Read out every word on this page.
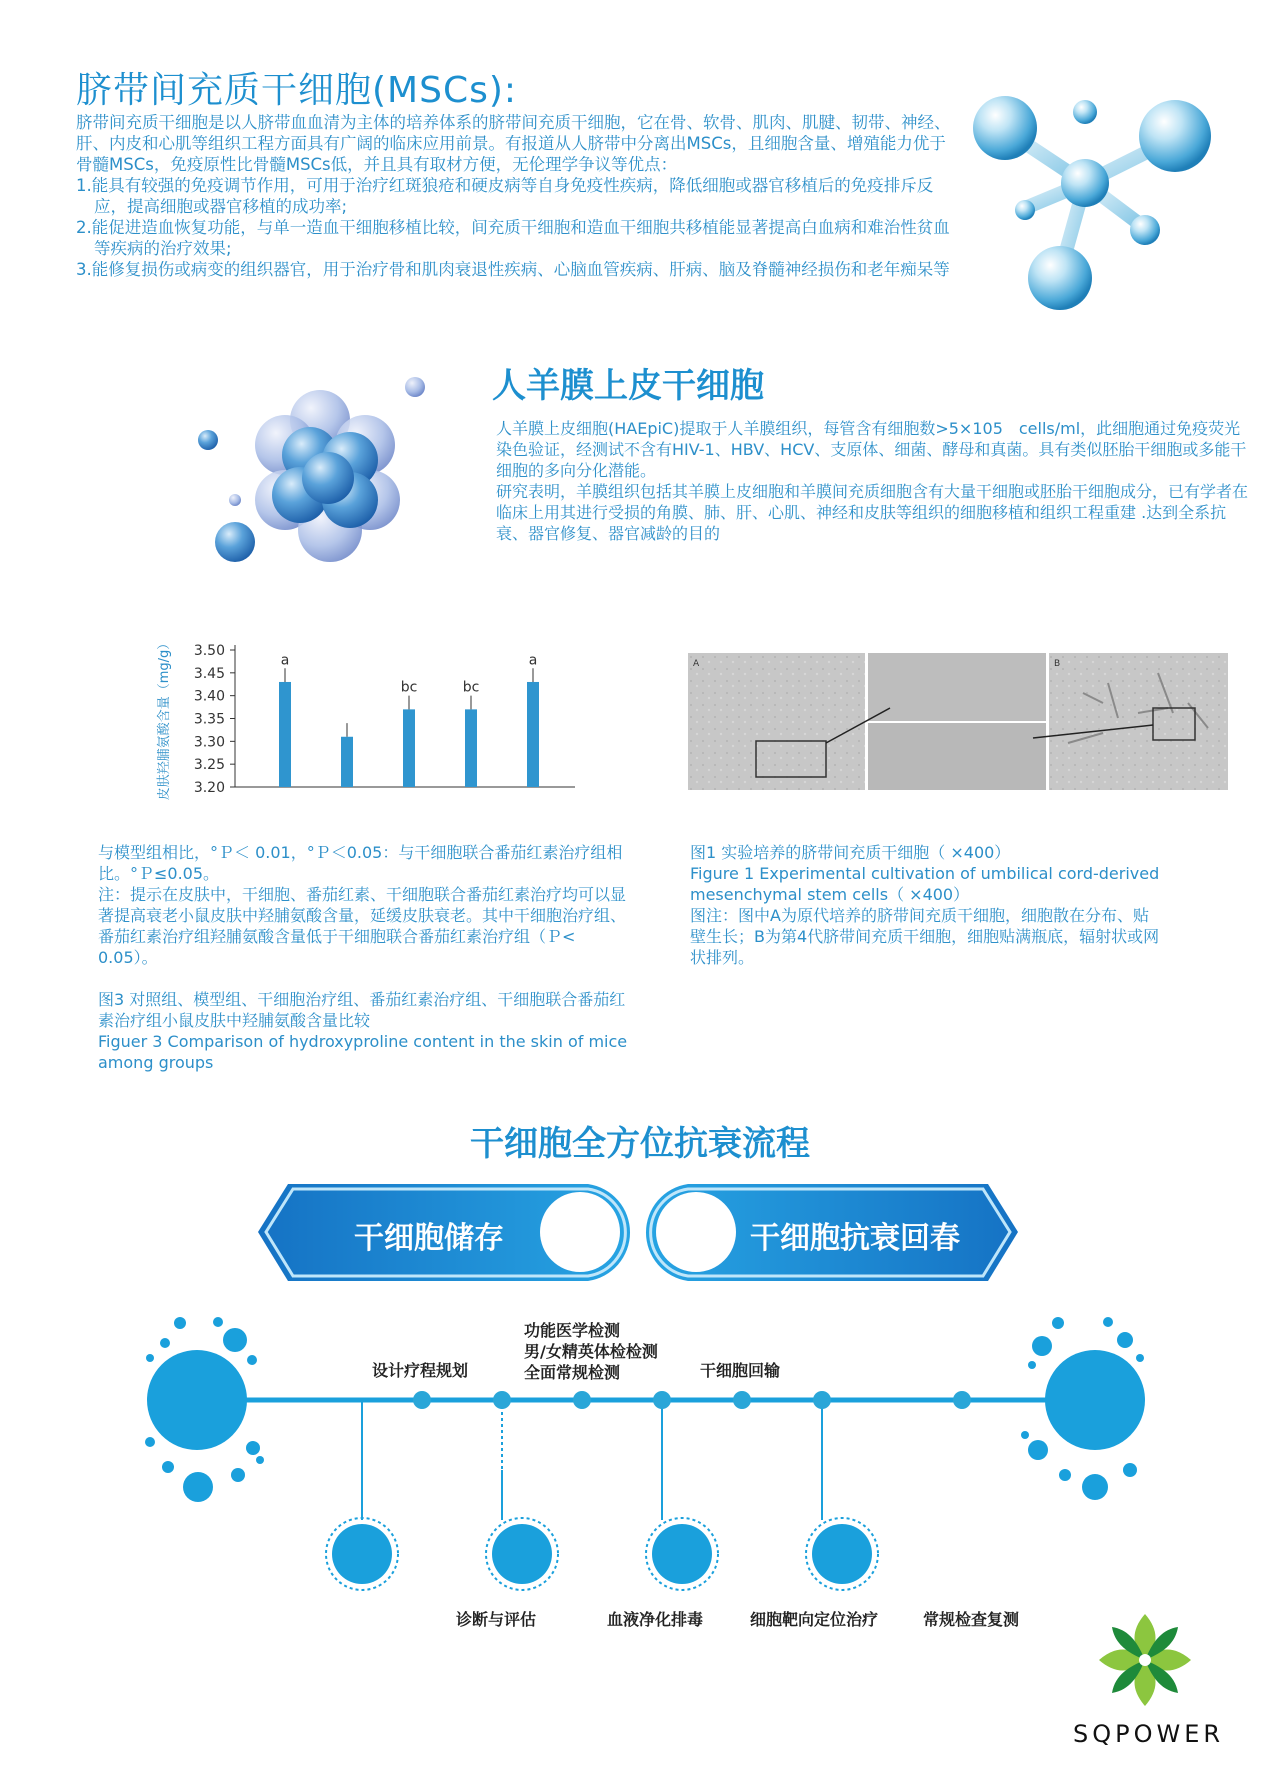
脐带间充质干细胞(MSCs):
脐带间充质干细胞是以人脐带血血清为主体的培养体系的脐带间充质干细胞，它在骨、软骨、肌肉、肌腱、韧带、神经、肝、内皮和心肌等组织工程方面具有广阔的临床应用前景。有报道从人脐带中分离出MSCs，且细胞含量、增殖能力优于骨髓MSCs，免疫原性比骨髓MSCs低，并且具有取材方便，无伦理学争议等优点：
1.能具有较强的免疫调节作用，可用于治疗红斑狼疮和硬皮病等自身免疫性疾病，降低细胞或器官移植后的免疫排斥反应，提高细胞或器官移植的成功率;
2.能促进造血恢复功能，与单一造血干细胞移植比较，间充质干细胞和造血干细胞共移植能显著提高白血病和难治性贫血等疾病的治疗效果;
3.能修复损伤或病变的组织器官，用于治疗骨和肌肉衰退性疾病、心脑血管疾病、肝病、脑及脊髓神经损伤和老年痴呆等
人羊膜上皮干细胞
人羊膜上皮细胞(HAEpiC)提取于人羊膜组织，每管含有细胞数>5×105　cells/ml，此细胞通过免疫荧光染色验证，经测试不含有HIV-1、HBV、HCV、支原体、细菌、酵母和真菌。具有类似胚胎干细胞或多能干细胞的多向分化潜能。
研究表明，羊膜组织包括其羊膜上皮细胞和羊膜间充质细胞含有大量干细胞或胚胎干细胞成分，已有学者在临床上用其进行受损的角膜、肺、肝、心肌、神经和皮肤等组织的细胞移植和组织工程重建 .达到全系抗衰、器官修复、器官减龄的目的
3.20
3.25
3.30
3.35
3.40
3.45
3.50
皮肤羟脯氨酸含量（mg/g）	a
bc	bc
a
与模型组相比，°Ｐ＜ 0.01，°Ｐ＜0.05：与干细胞联合番茄红素治疗组相比。°Ｐ≤0.05。
注：提示在皮肤中，干细胞、番茄红素、干细胞联合番茄红素治疗均可以显著提高衰老小鼠皮肤中羟脯氨酸含量，延缓皮肤衰老。其中干细胞治疗组、番茄红素治疗组羟脯氨酸含量低于干细胞联合番茄红素治疗组（Ｐ< 0.05）。
图3 对照组、模型组、干细胞治疗组、番茄红素治疗组、干细胞联合番茄红素治疗组小鼠皮肤中羟脯氨酸含量比较
Figuer 3 Comparison of hydroxyproline content in the skin of mice among groups
A	B
图1 实验培养的脐带间充质干细胞（ ×400）
Figure 1 Experimental cultivation of umbilical cord-derived mesenchymal stem cells（ ×400）
图注：图中A为原代培养的脐带间充质干细胞，细胞散在分布、贴壁生长；B为第4代脐带间充质干细胞，细胞贴满瓶底，辐射状或网状排列。
干细胞全方位抗衰流程
干细胞储存	干细胞抗衰回春
设计疗程规划
功能医学检测
男/女精英体检检测
全面常规检测	干细胞回输
诊断与评估	血液净化排毒	细胞靶向定位治疗	常规检查复测
SQPOWER
